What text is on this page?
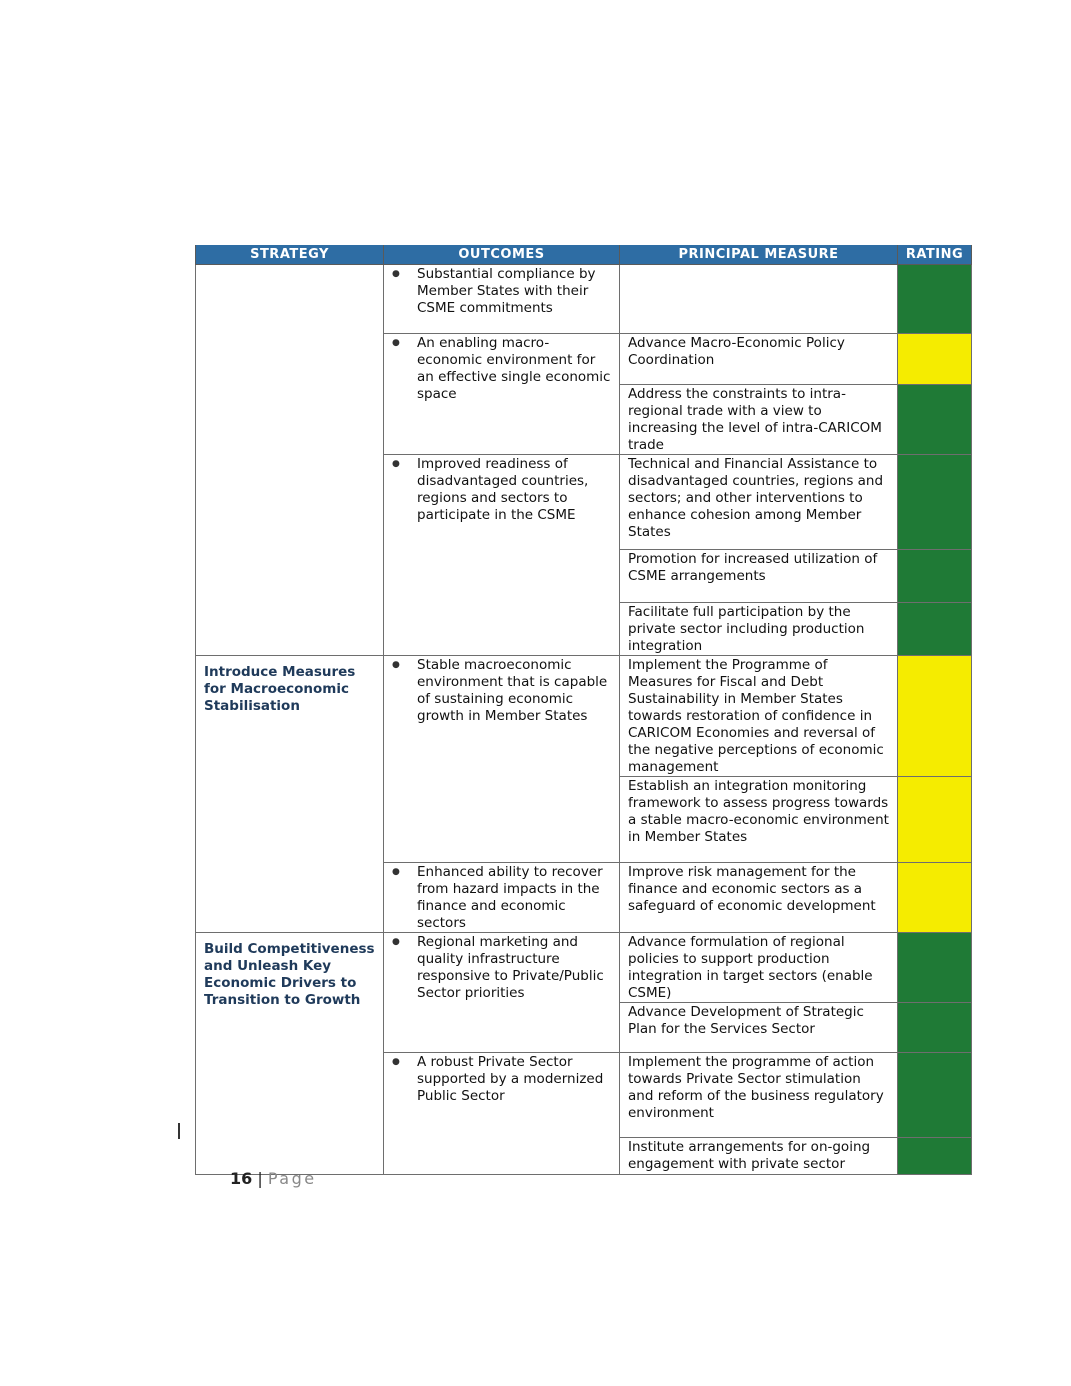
STRATEGY	OUTCOMES	PRINCIPAL MEASURE	RATING

	● Substantial compliance by Member States with their CSME commitments		

	● An enabling macro- economic environment for an effective single economic space	Advance Macro-Economic Policy Coordination	
		Address the constraints to intra-regional trade with a view to increasing the level of intra-CARICOM trade	

	● Improved readiness of disadvantaged countries, regions and sectors to participate in the CSME	Technical and Financial Assistance to disadvantaged countries, regions and sectors; and other interventions to enhance cohesion among Member States	
		Promotion for increased utilization of CSME arrangements	
		Facilitate full participation by the private sector including production integration	
Introduce Measures for Macroeconomic Stabilisation	● Stable macroeconomic environment that is capable of sustaining economic growth in Member States	Implement the Programme of Measures for Fiscal and Debt Sustainability in Member States towards restoration of confidence in CARICOM Economies and reversal of the negative perceptions of economic management	
		Establish an integration monitoring framework to assess progress towards a stable macro-economic environment in Member States	

	● Enhanced ability to recover from hazard impacts in the finance and economic sectors	Improve risk management for the finance and economic sectors as a safeguard of economic development	
Build Competitiveness and Unleash Key Economic Drivers to Transition to Growth	● Regional marketing and quality infrastructure responsive to Private/Public Sector priorities	Advance formulation of regional policies to support production integration in target sectors (enable CSME)	
		Advance Development of Strategic Plan for the Services Sector	

	● A robust Private Sector supported by a modernized Public Sector	Implement the programme of action towards Private Sector stimulation and reform of the business regulatory environment	
		Institute arrangements for on-going engagement with private sector	
16 | Page
